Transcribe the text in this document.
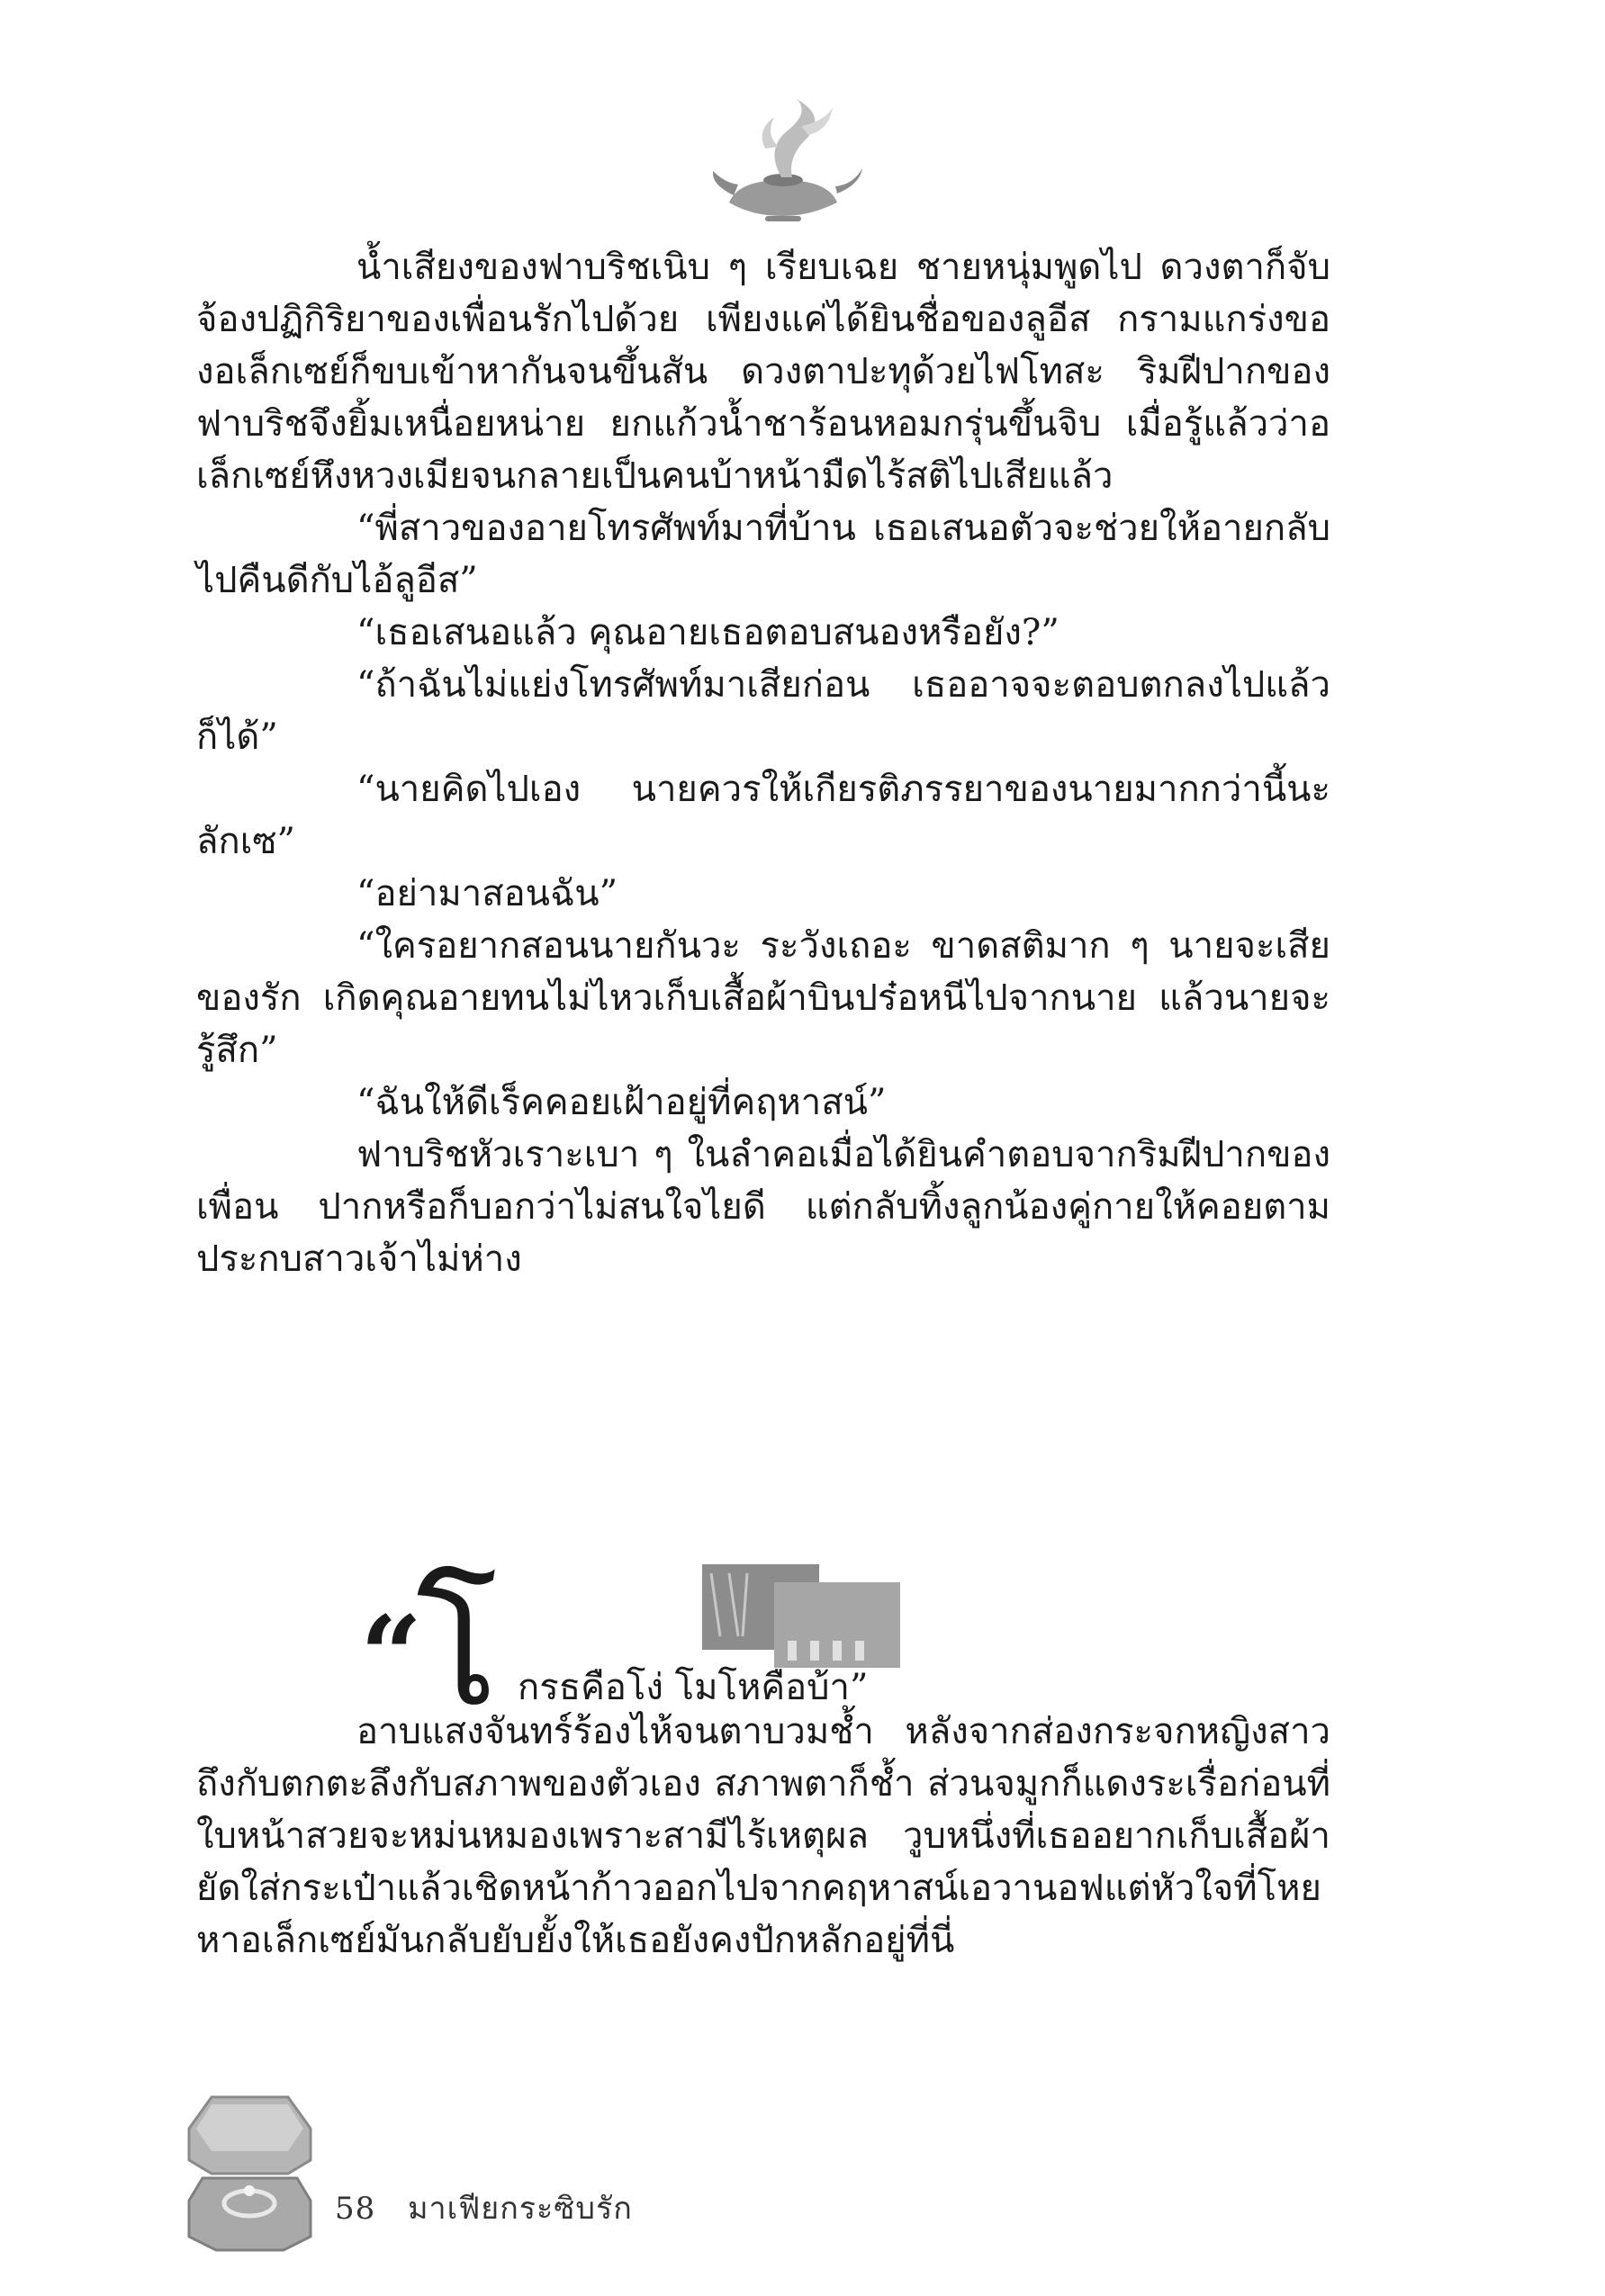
น้ำเสียงของฟาบริชเนิบ ๆ เรียบเฉย ชายหนุ่มพูดไป ดวงตาก็จับจ้องปฏิกิริยาของเพื่อนรักไปด้วย เพียงแค่ได้ยินชื่อของลูอีส กรามแกร่งของอเล็กเซย์ก็ขบเข้าหากันจนขึ้นสัน ดวงตาปะทุด้วยไฟโทสะ ริมฝีปากของฟาบริชจึงยิ้มเหนื่อยหน่าย ยกแก้วน้ำชาร้อนหอมกรุ่นขึ้นจิบ เมื่อรู้แล้วว่าอเล็กเซย์หึงหวงเมียจนกลายเป็นคนบ้าหน้ามืดไร้สติไปเสียแล้ว

“พี่สาวของอายโทรศัพท์มาที่บ้าน เธอเสนอตัวจะช่วยให้อายกลับไปคืนดีกับไอ้ลูอีส”

“เธอเสนอแล้ว คุณอายเธอตอบสนองหรือยัง?”

“ถ้าฉันไม่แย่งโทรศัพท์มาเสียก่อน เธออาจจะตอบตกลงไปแล้วก็ได้”

“นายคิดไปเอง นายควรให้เกียรติภรรยาของนายมากกว่านี้นะลักเซ”

“อย่ามาสอนฉัน”

“ใครอยากสอนนายกันวะ ระวังเถอะ ขาดสติมาก ๆ นายจะเสียของรัก เกิดคุณอายทนไม่ไหวเก็บเสื้อผ้าบินปร๋อหนีไปจากนาย แล้วนายจะรู้สึก”

“ฉันให้ดีเร็คคอยเฝ้าอยู่ที่คฤหาสน์”

ฟาบริชหัวเราะเบา ๆ ในลำคอเมื่อได้ยินคำตอบจากริมฝีปากของเพื่อน ปากหรือก็บอกว่าไม่สนใจไยดี แต่กลับทิ้งลูกน้องคู่กายให้คอยตามประกบสาวเจ้าไม่ห่าง

“
โ กรธคือโง่ โมโหคือบ้า”

อาบแสงจันทร์ร้องไห้จนตาบวมช้ำ หลังจากส่องกระจกหญิงสาวถึงกับตกตะลึงกับสภาพของตัวเอง สภาพตาก็ช้ำ ส่วนจมูกก็แดงระเรื่อก่อนที่ใบหน้าสวยจะหม่นหมองเพราะสามีไร้เหตุผล วูบหนึ่งที่เธออยากเก็บเสื้อผ้ายัดใส่กระเป๋าแล้วเชิดหน้าก้าวออกไปจากคฤหาสน์เอวานอฟแต่หัวใจที่โหยหาอเล็กเซย์มันกลับยับยั้งให้เธอยังคงปักหลักอยู่ที่นี่

58 มาเฟียกระซิบรัก
